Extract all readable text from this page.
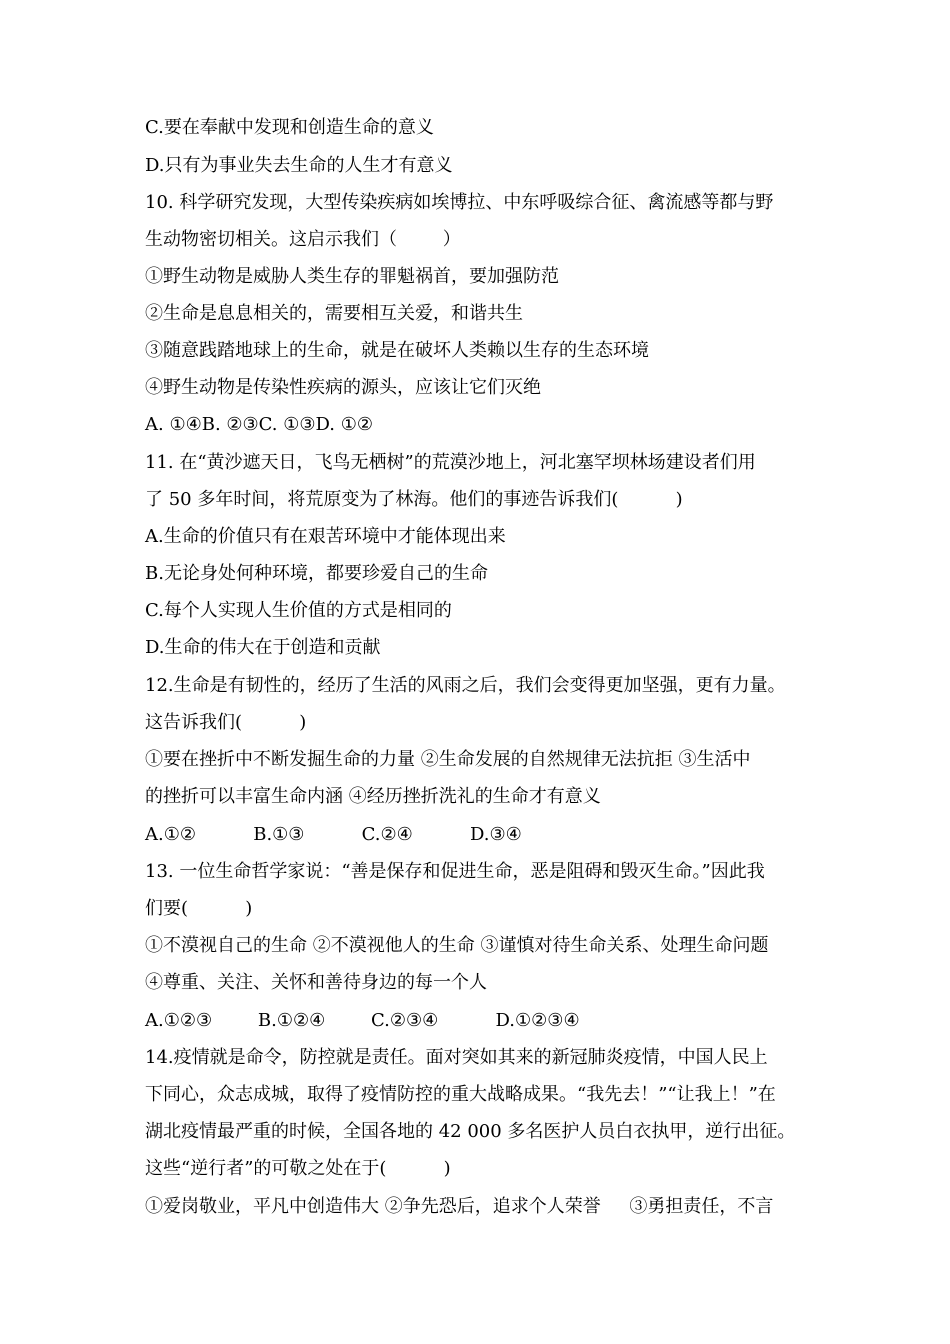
C.要在奉献中发现和创造生命的意义

D.只有为事业失去生命的人生才有意义

10. 科学研究发现，大型传染疾病如埃博拉、中东呼吸综合征、禽流感等都与野

生动物密切相关。这启示我们（        ）

①野生动物是威胁人类生存的罪魁祸首，要加强防范

②生命是息息相关的，需要相互关爱，和谐共生

③随意践踏地球上的生命，就是在破坏人类赖以生存的生态环境

④野生动物是传染性疾病的源头，应该让它们灭绝

A. ①④B. ②③C. ①③D. ①②

11. 在“黄沙遮天日，飞鸟无栖树”的荒漠沙地上，河北塞罕坝林场建设者们用

了 50 多年时间，将荒原变为了林海。他们的事迹告诉我们(          )

A.生命的价值只有在艰苦环境中才能体现出来

B.无论身处何种环境，都要珍爱自己的生命

C.每个人实现人生价值的方式是相同的

D.生命的伟大在于创造和贡献

12.生命是有韧性的，经历了生活的风雨之后，我们会变得更加坚强，更有力量。

这告诉我们(          )

①要在挫折中不断发掘生命的力量 ②生命发展的自然规律无法抗拒 ③生活中

的挫折可以丰富生命内涵 ④经历挫折洗礼的生命才有意义

A.①②          B.①③          C.②④          D.③④

13. 一位生命哲学家说：“善是保存和促进生命，恶是阻碍和毁灭生命。”因此我

们要(          )

①不漠视自己的生命 ②不漠视他人的生命 ③谨慎对待生命关系、处理生命问题

④尊重、关注、关怀和善待身边的每一个人

A.①②③        B.①②④        C.②③④          D.①②③④

14.疫情就是命令，防控就是责任。面对突如其来的新冠肺炎疫情，中国人民上

下同心，众志成城，取得了疫情防控的重大战略成果。“我先去！”“让我上！”在

湖北疫情最严重的时候，全国各地的 42 000 多名医护人员白衣执甲，逆行出征。

这些“逆行者”的可敬之处在于(          )

①爱岗敬业，平凡中创造伟大 ②争先恐后，追求个人荣誉     ③勇担责任，不言
